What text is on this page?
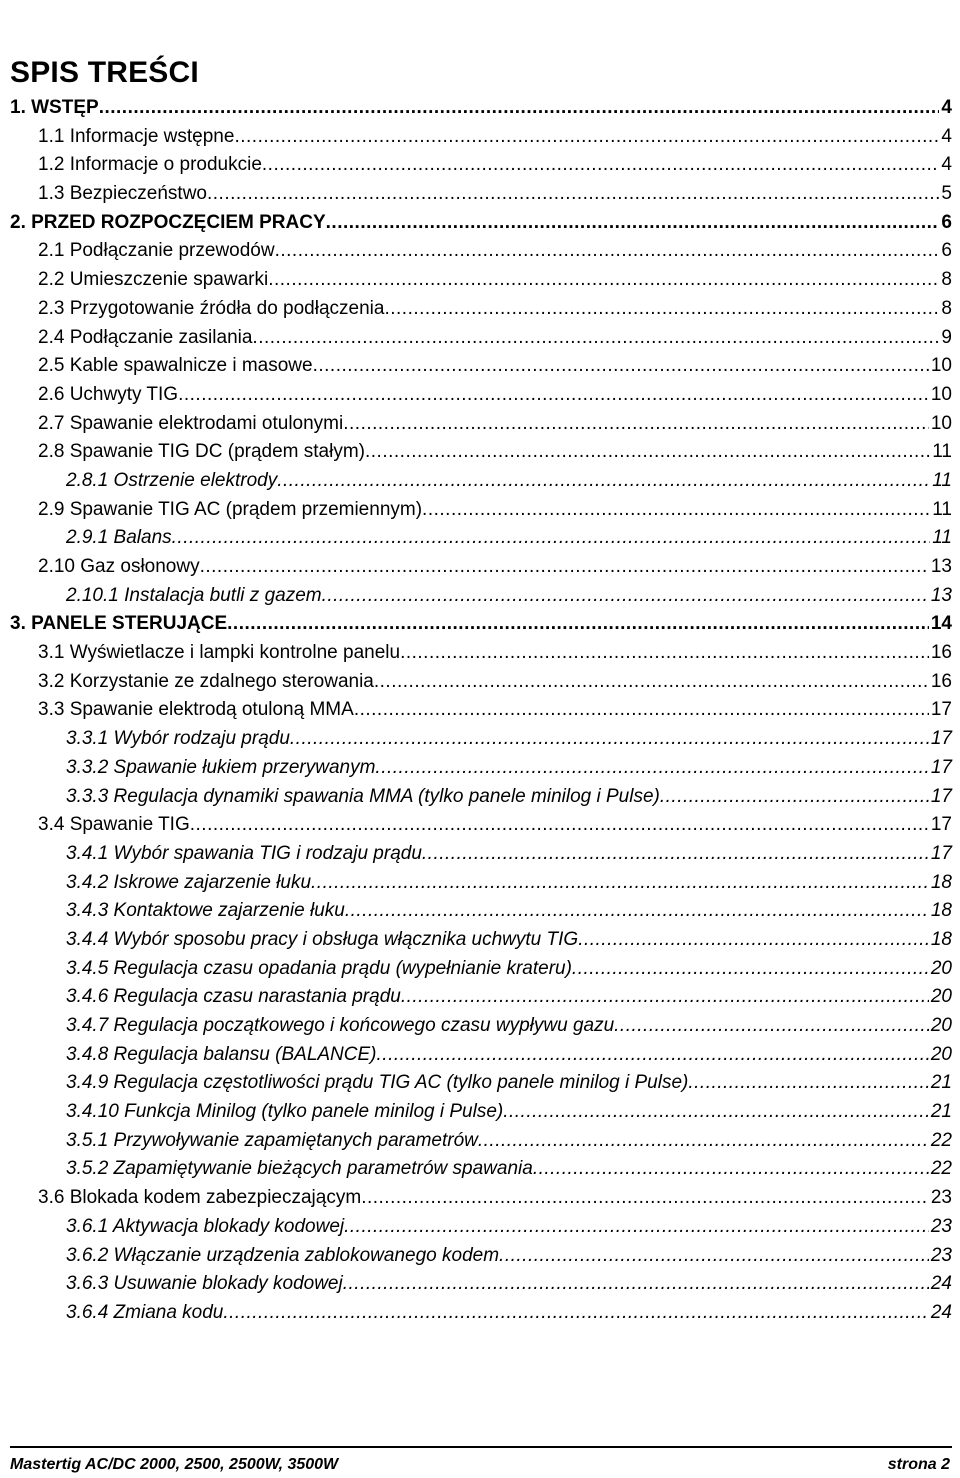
SPIS TREŚCI
1. WSTĘP .....	4
1.1 Informacje wstępne .....	4
1.2 Informacje o produkcie .....	4
1.3 Bezpieczeństwo .....	5
2. PRZED ROZPOCZĘCIEM PRACY .....	6
2.1 Podłączanie przewodów .....	6
2.2 Umieszczenie spawarki .....	8
2.3 Przygotowanie źródła do podłączenia .....	8
2.4 Podłączanie zasilania .....	9
2.5 Kable spawalnicze i masowe .....	10
2.6 Uchwyty TIG .....	10
2.7 Spawanie elektrodami otulonymi .....	10
2.8 Spawanie TIG DC (prądem stałym) .....	11
2.8.1 Ostrzenie elektrody .....	11
2.9 Spawanie TIG AC (prądem przemiennym) .....	11
2.9.1 Balans .....	11
2.10 Gaz osłonowy .....	13
2.10.1 Instalacja butli z gazem .....	13
3. PANELE STERUJĄCE .....	14
3.1 Wyświetlacze i lampki kontrolne panelu .....	16
3.2 Korzystanie ze zdalnego sterowania .....	16
3.3 Spawanie elektrodą otuloną MMA .....	17
3.3.1 Wybór rodzaju prądu .....	17
3.3.2 Spawanie łukiem przerywanym .....	17
3.3.3 Regulacja dynamiki spawania MMA (tylko panele minilog i Pulse) .....	17
3.4 Spawanie TIG .....	17
3.4.1 Wybór spawania TIG i rodzaju prądu .....	17
3.4.2 Iskrowe zajarzenie łuku .....	18
3.4.3 Kontaktowe zajarzenie łuku .....	18
3.4.4 Wybór sposobu pracy i obsługa włącznika uchwytu TIG .....	18
3.4.5 Regulacja czasu opadania prądu (wypełnianie krateru) .....	20
3.4.6 Regulacja czasu narastania prądu .....	20
3.4.7 Regulacja początkowego i końcowego czasu wypływu gazu .....	20
3.4.8 Regulacja balansu (BALANCE) .....	20
3.4.9 Regulacja częstotliwości prądu TIG AC (tylko panele minilog i Pulse) .....	21
3.4.10 Funkcja Minilog (tylko panele minilog i Pulse) .....	21
3.5.1 Przywoływanie zapamiętanych parametrów .....	22
3.5.2 Zapamiętywanie bieżących parametrów spawania .....	22
3.6 Blokada kodem zabezpieczającym .....	23
3.6.1 Aktywacja blokady kodowej .....	23
3.6.2 Włączanie urządzenia zablokowanego kodem .....	23
3.6.3 Usuwanie blokady kodowej .....	24
3.6.4 Zmiana kodu .....	24
Mastertig AC/DC 2000, 2500, 2500W, 3500W	strona 2
